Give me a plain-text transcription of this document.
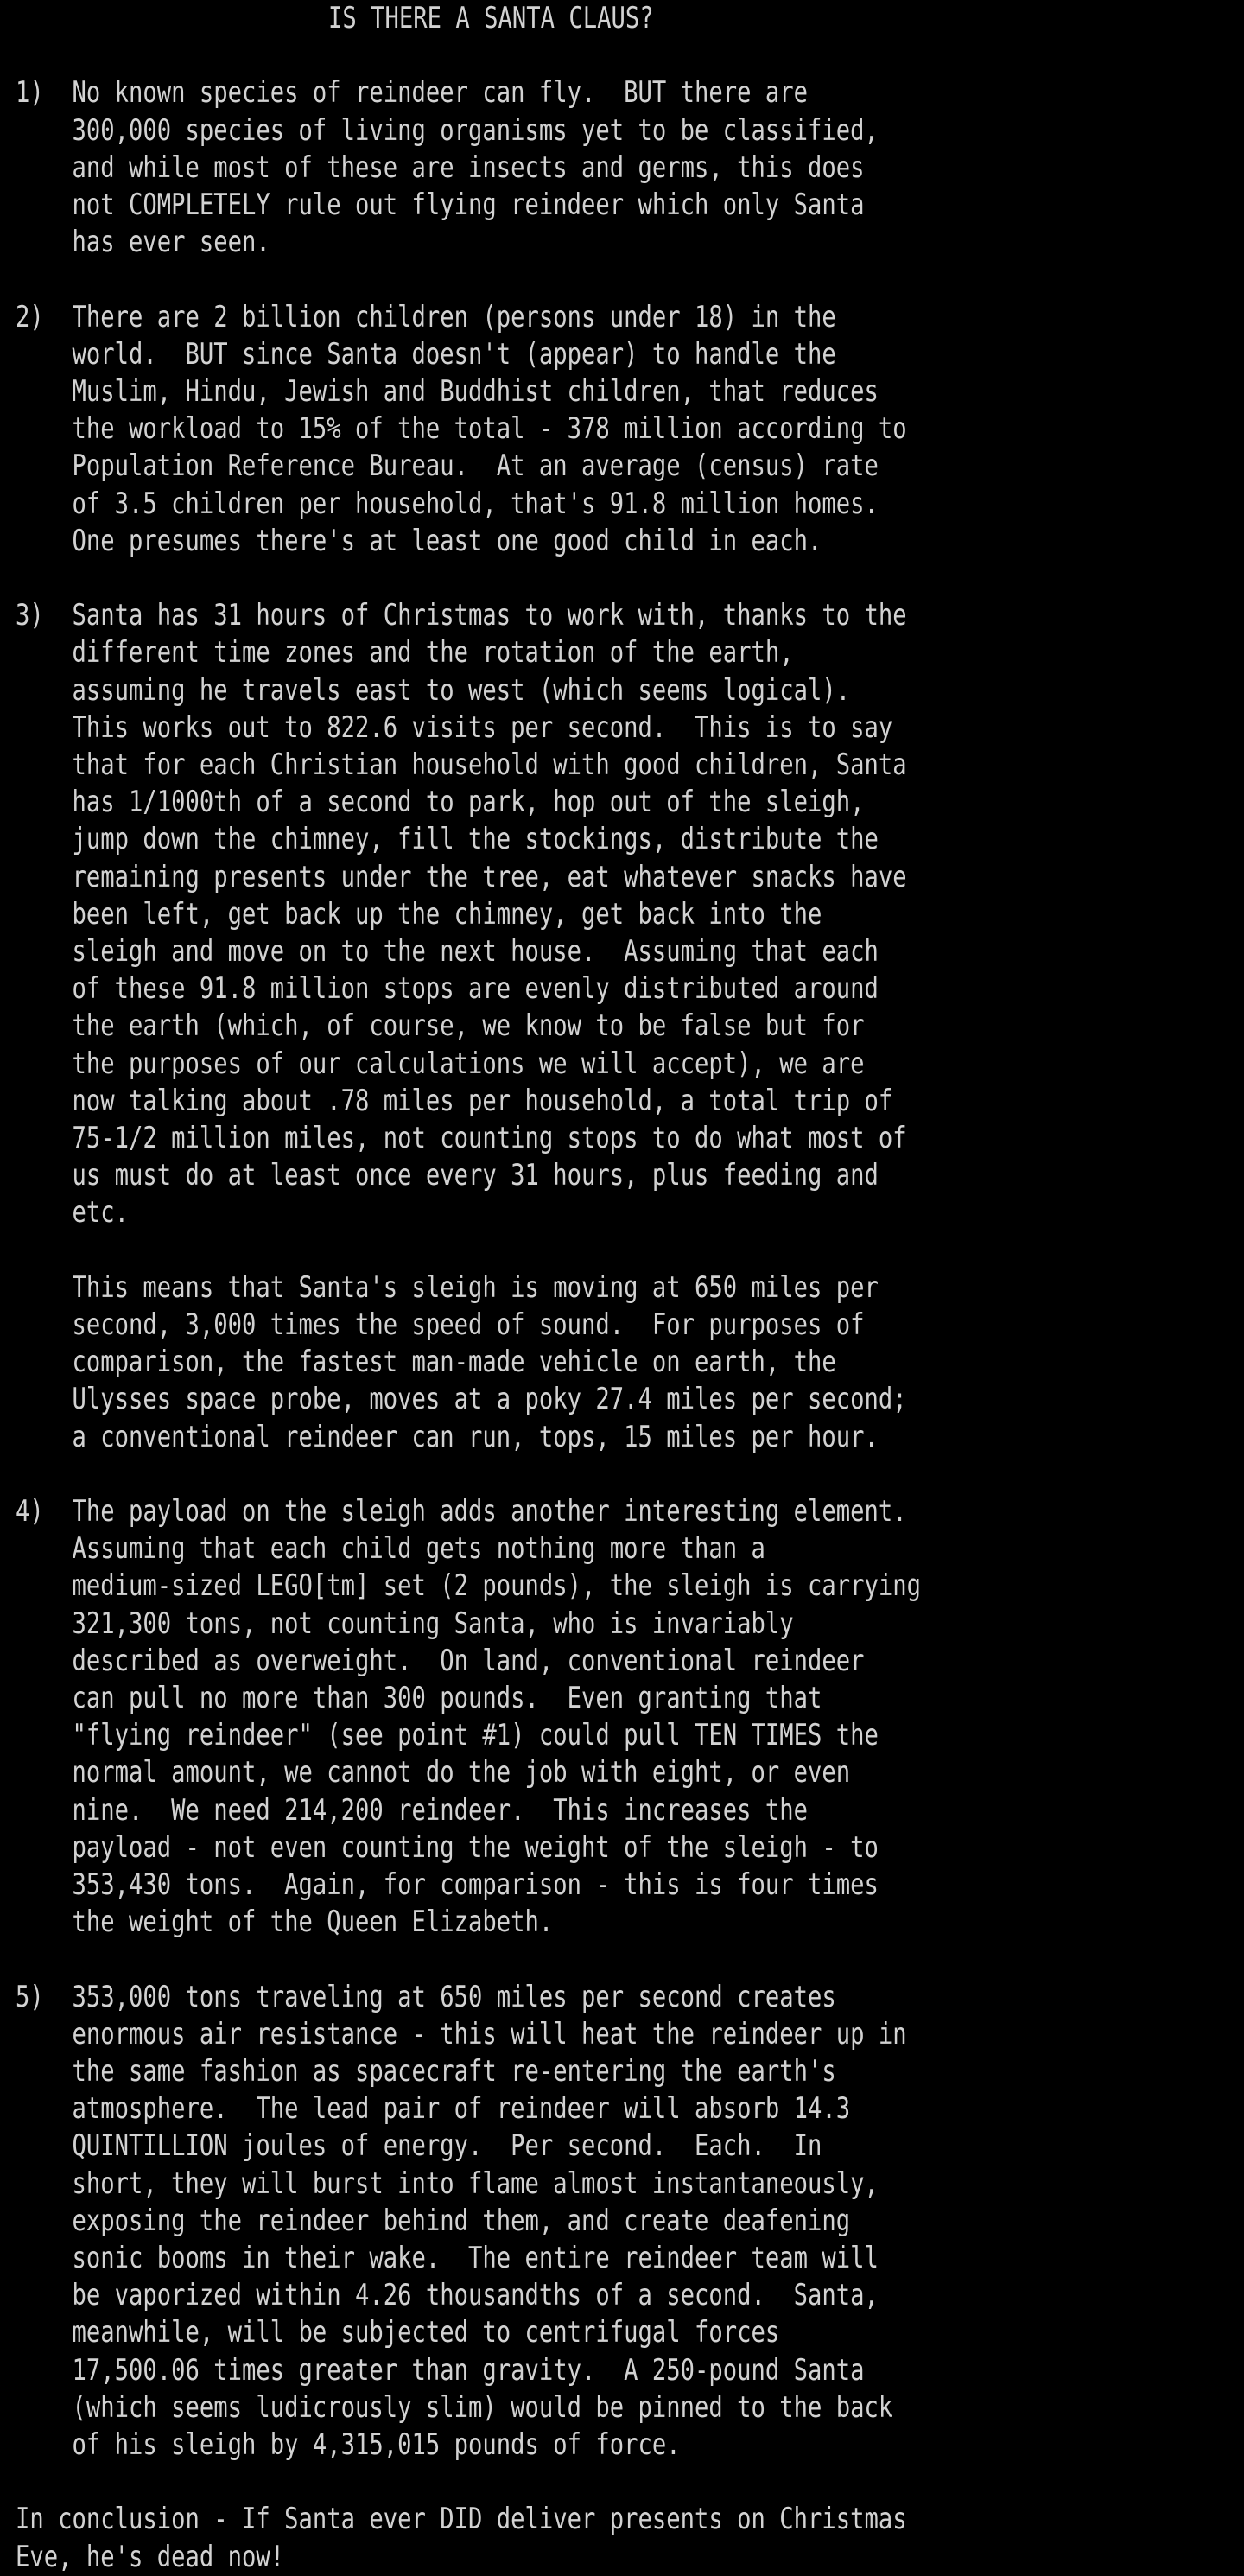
IS THERE A SANTA CLAUS?
1)  No known species of reindeer can fly.  BUT there are
300,000 species of living organisms yet to be classified,
and while most of these are insects and germs, this does
not COMPLETELY rule out flying reindeer which only Santa
has ever seen.
2)  There are 2 billion children (persons under 18) in the
world.  BUT since Santa doesn't (appear) to handle the
Muslim, Hindu, Jewish and Buddhist children, that reduces
the workload to 15% of the total - 378 million according to
Population Reference Bureau.  At an average (census) rate
of 3.5 children per household, that's 91.8 million homes.
One presumes there's at least one good child in each.
3)  Santa has 31 hours of Christmas to work with, thanks to the
different time zones and the rotation of the earth,
assuming he travels east to west (which seems logical).
This works out to 822.6 visits per second.  This is to say
that for each Christian household with good children, Santa
has 1/1000th of a second to park, hop out of the sleigh,
jump down the chimney, fill the stockings, distribute the
remaining presents under the tree, eat whatever snacks have
been left, get back up the chimney, get back into the
sleigh and move on to the next house.  Assuming that each
of these 91.8 million stops are evenly distributed around
the earth (which, of course, we know to be false but for
the purposes of our calculations we will accept), we are
now talking about .78 miles per household, a total trip of
75-1/2 million miles, not counting stops to do what most of
us must do at least once every 31 hours, plus feeding and
etc.
This means that Santa's sleigh is moving at 650 miles per
second, 3,000 times the speed of sound.  For purposes of
comparison, the fastest man-made vehicle on earth, the
Ulysses space probe, moves at a poky 27.4 miles per second;
a conventional reindeer can run, tops, 15 miles per hour.
4)  The payload on the sleigh adds another interesting element.
Assuming that each child gets nothing more than a
medium-sized LEGO[tm] set (2 pounds), the sleigh is carrying
321,300 tons, not counting Santa, who is invariably
described as overweight.  On land, conventional reindeer
can pull no more than 300 pounds.  Even granting that
"flying reindeer" (see point #1) could pull TEN TIMES the
normal amount, we cannot do the job with eight, or even
nine.  We need 214,200 reindeer.  This increases the
payload - not even counting the weight of the sleigh - to
353,430 tons.  Again, for comparison - this is four times
the weight of the Queen Elizabeth.
5)  353,000 tons traveling at 650 miles per second creates
enormous air resistance - this will heat the reindeer up in
the same fashion as spacecraft re-entering the earth's
atmosphere.  The lead pair of reindeer will absorb 14.3
QUINTILLION joules of energy.  Per second.  Each.  In
short, they will burst into flame almost instantaneously,
exposing the reindeer behind them, and create deafening
sonic booms in their wake.  The entire reindeer team will
be vaporized within 4.26 thousandths of a second.  Santa,
meanwhile, will be subjected to centrifugal forces
17,500.06 times greater than gravity.  A 250-pound Santa
(which seems ludicrously slim) would be pinned to the back
of his sleigh by 4,315,015 pounds of force.
In conclusion - If Santa ever DID deliver presents on Christmas
Eve, he's dead now!
